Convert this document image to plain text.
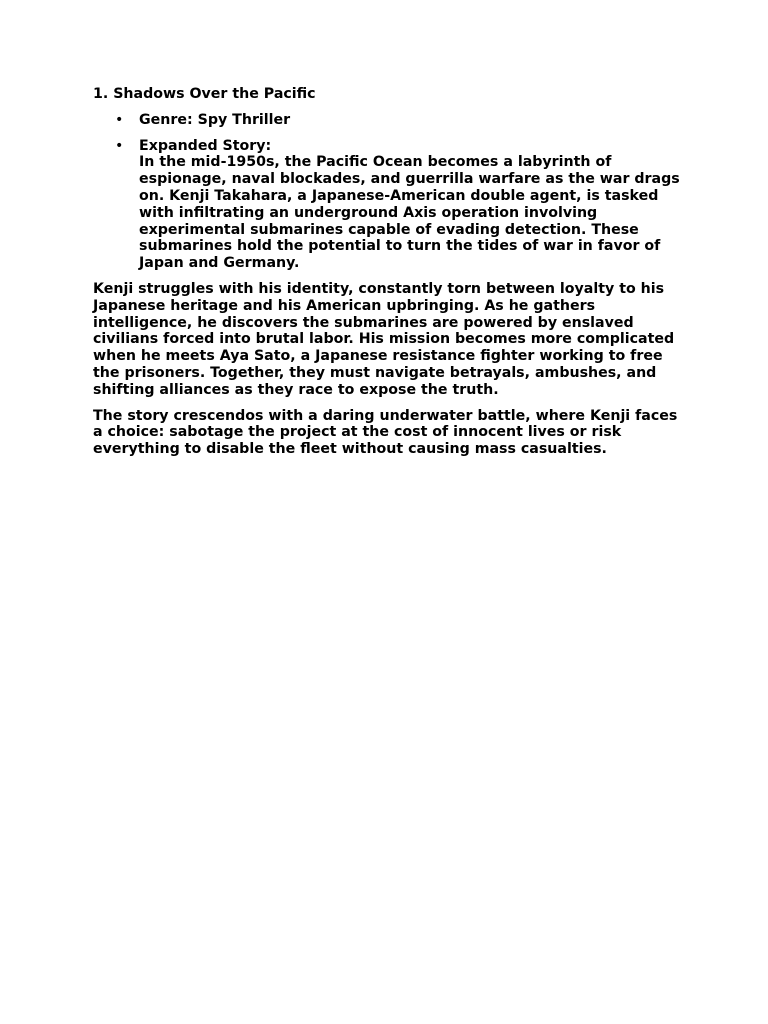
1. Shadows Over the Pacific
• Genre: Spy Thriller
• Expanded Story:
In the mid-1950s, the Pacific Ocean becomes a labyrinth of espionage, naval blockades, and guerrilla warfare as the war drags on. Kenji Takahara, a Japanese-American double agent, is tasked with infiltrating an underground Axis operation involving experimental submarines capable of evading detection. These submarines hold the potential to turn the tides of war in favor of Japan and Germany.

Kenji struggles with his identity, constantly torn between loyalty to his Japanese heritage and his American upbringing. As he gathers intelligence, he discovers the submarines are powered by enslaved civilians forced into brutal labor. His mission becomes more complicated when he meets Aya Sato, a Japanese resistance fighter working to free the prisoners. Together, they must navigate betrayals, ambushes, and shifting alliances as they race to expose the truth.

The story crescendos with a daring underwater battle, where Kenji faces a choice: sabotage the project at the cost of innocent lives or risk everything to disable the fleet without causing mass casualties.
